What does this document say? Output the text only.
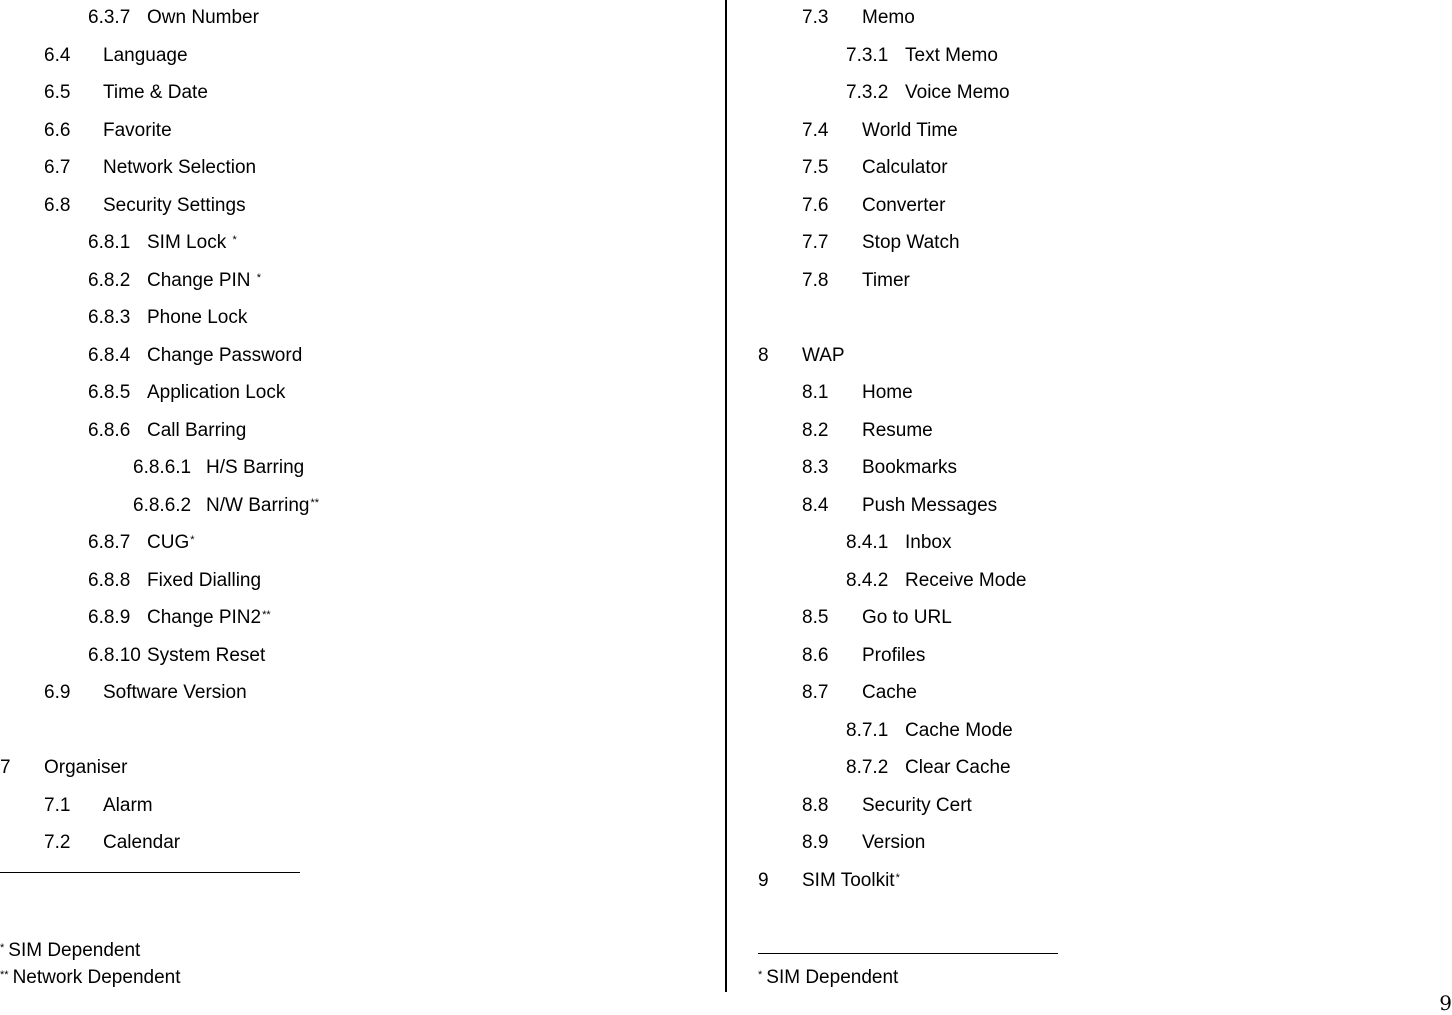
6.3.7 Own Number
6.4 Language
6.5 Time & Date
6.6 Favorite
6.7 Network Selection
6.8 Security Settings
6.8.1 SIM Lock *
6.8.2 Change PIN *
6.8.3 Phone Lock
6.8.4 Change Password
6.8.5 Application Lock
6.8.6 Call Barring
6.8.6.1 H/S Barring
6.8.6.2 N/W Barring**
6.8.7 CUG*
6.8.8 Fixed Dialling
6.8.9 Change PIN2**
6.8.10 System Reset
6.9 Software Version
7 Organiser
7.1 Alarm
7.2 Calendar
* SIM Dependent
** Network Dependent
7.3 Memo
7.3.1 Text Memo
7.3.2 Voice Memo
7.4 World Time
7.5 Calculator
7.6 Converter
7.7 Stop Watch
7.8 Timer
8 WAP
8.1 Home
8.2 Resume
8.3 Bookmarks
8.4 Push Messages
8.4.1 Inbox
8.4.2 Receive Mode
8.5 Go to URL
8.6 Profiles
8.7 Cache
8.7.1 Cache Mode
8.7.2 Clear Cache
8.8 Security Cert
8.9 Version
9 SIM Toolkit*
* SIM Dependent
9
